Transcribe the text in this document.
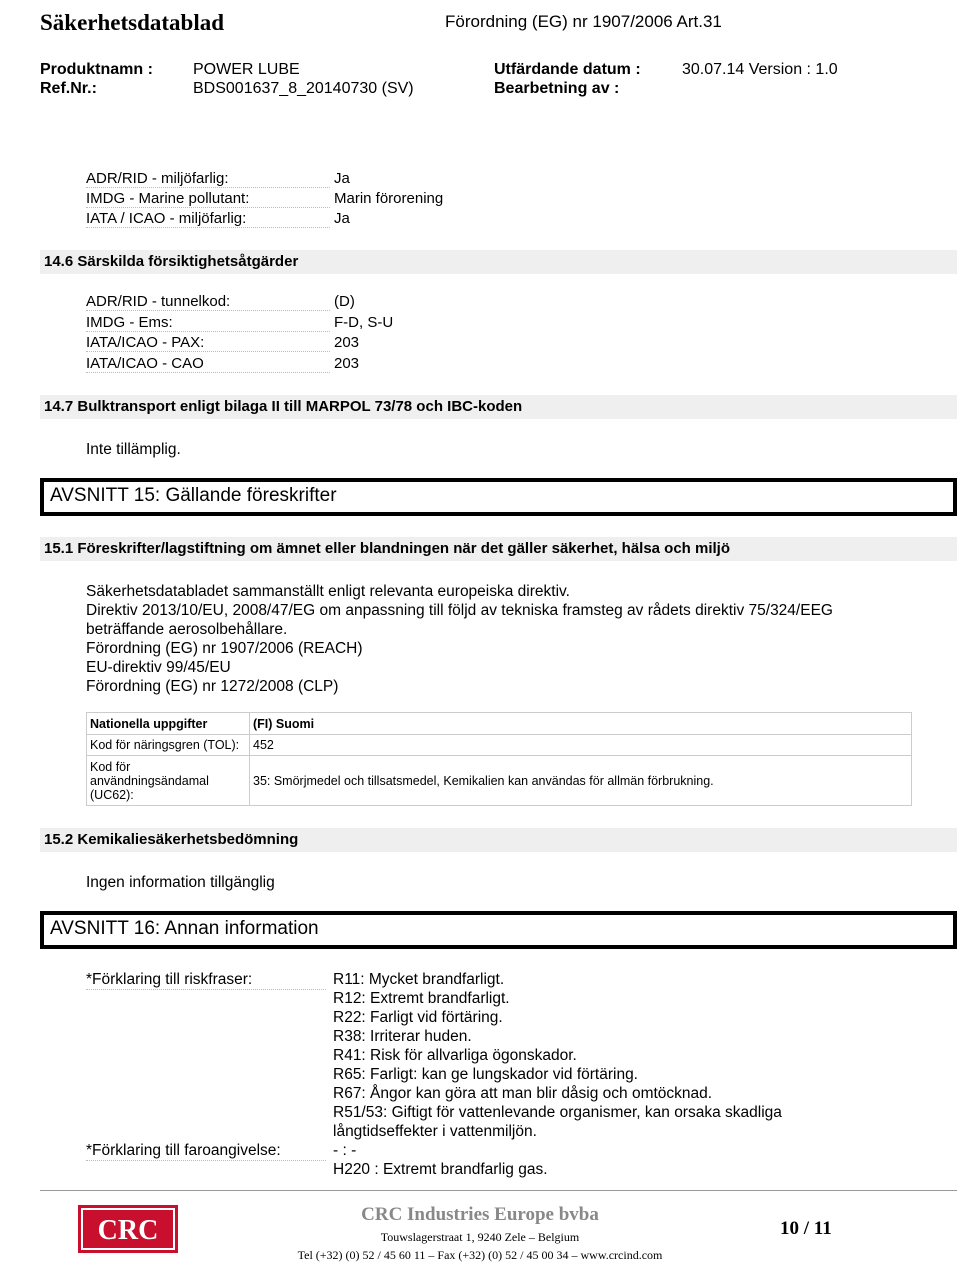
Säkerhetsdatablad	Förordning (EG) nr 1907/2006 Art.31
Produktnamn :	POWER LUBE
Ref.Nr.:	BDS001637_8_20140730 (SV)
Utfärdande datum :	30.07.14 Version : 1.0
Bearbetning av :
ADR/RID - miljöfarlig:	Ja
IMDG - Marine pollutant:	Marin förorening
IATA / ICAO - miljöfarlig:	Ja
14.6 Särskilda försiktighetsåtgärder
ADR/RID - tunnelkod:	(D)
IMDG - Ems:	F-D, S-U
IATA/ICAO - PAX:	203
IATA/ICAO - CAO	203
14.7 Bulktransport enligt bilaga II till MARPOL 73/78 och IBC-koden
Inte tillämplig.
AVSNITT 15: Gällande föreskrifter
15.1 Föreskrifter/lagstiftning om ämnet eller blandningen när det gäller säkerhet, hälsa och miljö
Säkerhetsdatabladet sammanställt enligt relevanta europeiska direktiv.
Direktiv 2013/10/EU, 2008/47/EG om anpassning till följd av tekniska framsteg av rådets direktiv 75/324/EEG
beträffande aerosolbehållare.
Förordning (EG) nr 1907/2006 (REACH)
EU-direktiv 99/45/EU
Förordning (EG) nr 1272/2008 (CLP)
Nationella uppgifter	(FI) Suomi
Kod för näringsgren (TOL):	452
Kod för användningsändamal (UC62):	35: Smörjmedel och tillsatsmedel, Kemikalien kan användas för allmän förbrukning.
15.2 Kemikaliesäkerhetsbedömning
Ingen information tillgänglig
AVSNITT 16: Annan information
*Förklaring till riskfraser:	R11: Mycket brandfarligt.
R12: Extremt brandfarligt.
R22: Farligt vid förtäring.
R38: Irriterar huden.
R41: Risk för allvarliga ögonskador.
R65: Farligt: kan ge lungskador vid förtäring.
R67: Ångor kan göra att man blir dåsig och omtöcknad.
R51/53: Giftigt för vattenlevande organismer, kan orsaka skadliga
långtidseffekter i vattenmiljön.
*Förklaring till faroangivelse:	- : -
H220 : Extremt brandfarlig gas.
CRC
CRC Industries Europe bvba
Touwslagerstraat 1, 9240 Zele – Belgium
Tel (+32) (0) 52 / 45 60 11 – Fax (+32) (0) 52 / 45 00 34 – www.crcind.com
10 / 11
